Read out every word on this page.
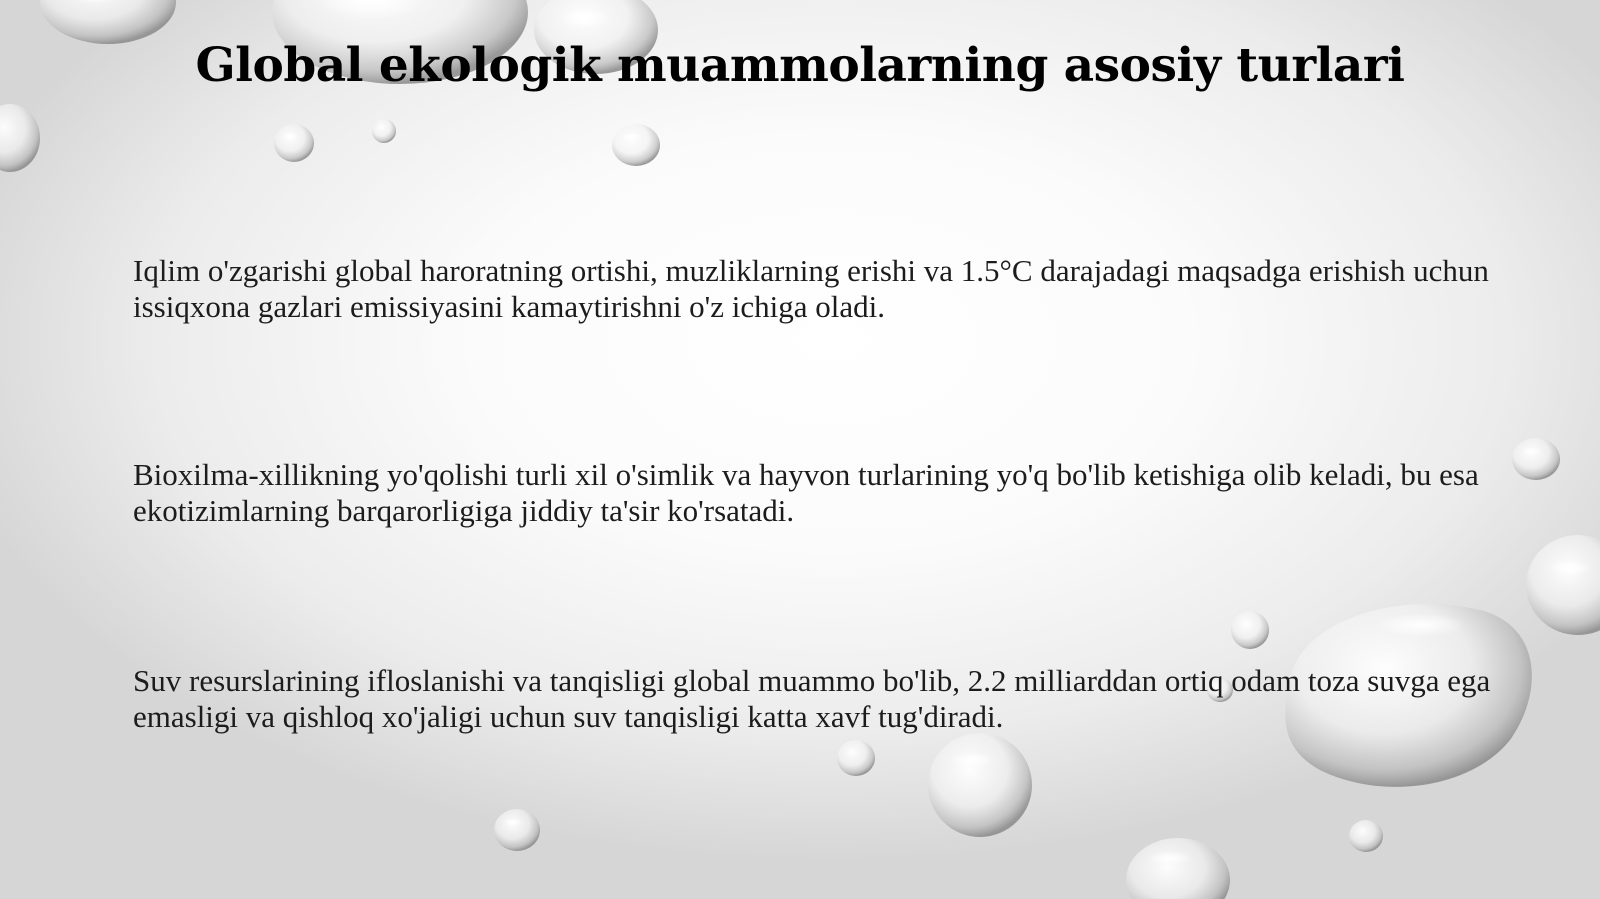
Global ekologik muammolarning asosiy turlari

Iqlim o'zgarishi global haroratning ortishi, muzliklarning erishi va 1.5°C darajadagi maqsadga erishish uchun issiqxona gazlari emissiyasini kamaytirishni o'z ichiga oladi.

Bioxilma-xillikning yo'qolishi turli xil o'simlik va hayvon turlarining yo'q bo'lib ketishiga olib keladi, bu esa ekotizimlarning barqarorligiga jiddiy ta'sir ko'rsatadi.

Suv resurslarining ifloslanishi va tanqisligi global muammo bo'lib, 2.2 milliarddan ortiq odam toza suvga ega emasligi va qishloq xo'jaligi uchun suv tanqisligi katta xavf tug'diradi.
